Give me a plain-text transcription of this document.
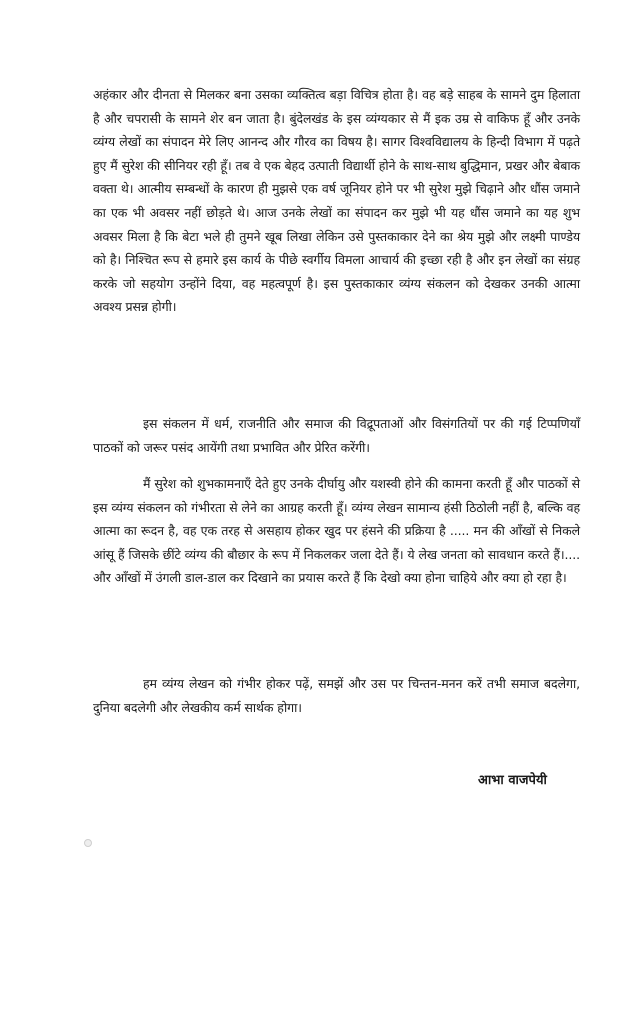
अहंकार और दीनता से मिलकर बना उसका व्यक्तित्व बड़ा विचित्र होता है। वह बड़े साहब के सामने दुम हिलाता है और चपरासी के सामने शेर बन जाता है। बुंदेलखंड के इस व्यंग्यकार से मैं इक उम्र से वाकिफ हूँ और उनके व्यंग्य लेखों का संपादन मेरे लिए आनन्द और गौरव का विषय है। सागर विश्वविद्यालय के हिन्दी विभाग में पढ़ते हुए मैं सुरेश की सीनियर रही हूँ। तब वे एक बेहद उत्पाती विद्यार्थी होने के साथ-साथ बुद्धिमान, प्रखर और बेबाक वक्ता थे। आत्मीय सम्बन्धों के कारण ही मुझसे एक वर्ष जूनियर होने पर भी सुरेश मुझे चिढ़ाने और धौंस जमाने का एक भी अवसर नहीं छोड़ते थे। आज उनके लेखों का संपादन कर मुझे भी यह धौंस जमाने का यह शुभ अवसर मिला है कि बेटा भले ही तुमने खूब लिखा लेकिन उसे पुस्तकाकार देने का श्रेय मुझे और लक्ष्मी पाण्डेय को है। निश्चित रूप से हमारे इस कार्य के पीछे स्वर्गीय विमला आचार्य की इच्छा रही है और इन लेखों का संग्रह करके जो सहयोग उन्होंने दिया, वह महत्वपूर्ण है। इस पुस्तकाकार व्यंग्य संकलन को देखकर उनकी आत्मा अवश्य प्रसन्न होगी।

इस संकलन में धर्म, राजनीति और समाज की विद्रूपताओं और विसंगतियों पर की गई टिप्पणियाँ पाठकों को जरूर पसंद आयेंगी तथा प्रभावित और प्रेरित करेंगी।

मैं सुरेश को शुभकामनाएँ देते हुए उनके दीर्घायु और यशस्वी होने की कामना करती हूँ और पाठकों से इस व्यंग्य संकलन को गंभीरता से लेने का आग्रह करती हूँ। व्यंग्य लेखन सामान्य हंसी ठिठोली नहीं है, बल्कि वह आत्मा का रूदन है, वह एक तरह से असहाय होकर खुद पर हंसने की प्रक्रिया है ..... मन की आँखों से निकले आंसू हैं जिसके छींटे व्यंग्य की बौछार के रूप में निकलकर जला देते हैं। ये लेख जनता को सावधान करते हैं।.... और आँखों में उंगली डाल-डाल कर दिखाने का प्रयास करते हैं कि देखो क्या होना चाहिये और क्या हो रहा है।

हम व्यंग्य लेखन को गंभीर होकर पढ़ें, समझें और उस पर चिन्तन-मनन करें तभी समाज बदलेगा, दुनिया बदलेगी और लेखकीय कर्म सार्थक होगा।

आभा वाजपेयी
